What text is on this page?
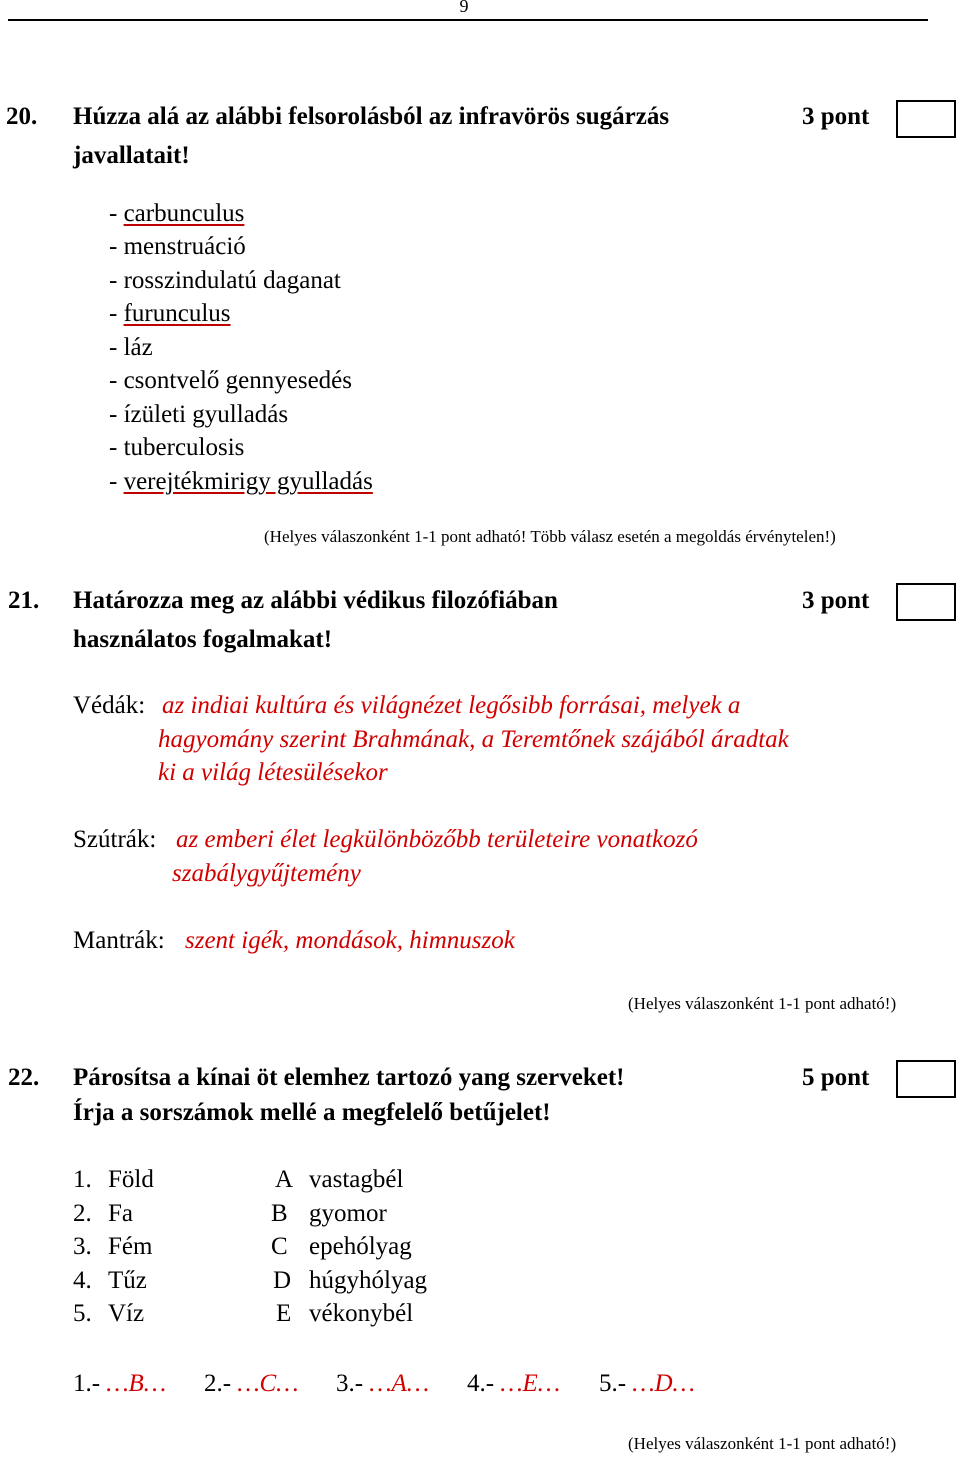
9
20. Húzza alá az alábbi felsorolásból az infravörös sugárzás
javallatait!
3 pont
- carbunculus
- menstruáció
- rosszindulatú daganat
- furunculus
- láz
- csontvelő gennyesedés
- ízületi gyulladás
- tuberculosis
- verejtékmirigy gyulladás
(Helyes válaszonként 1-1 pont adható! Több válasz esetén a megoldás érvénytelen!)
21. Határozza meg az alábbi védikus filozófiában
használatos fogalmakat!
3 pont
Védák: az indiai kultúra és világnézet legősibb forrásai, melyek a
hagyomány szerint Brahmának, a Teremtőnek szájából áradtak
ki a világ létesülésekor
Szútrák: az emberi élet legkülönbözőbb területeire vonatkozó
szabálygyűjtemény
Mantrák: szent igék, mondások, himnuszok
(Helyes válaszonként 1-1 pont adható!)
22. Párosítsa a kínai öt elemhez tartozó yang szerveket!
Írja a sorszámok mellé a megfelelő betűjelet!
5 pont
1. Föld
2. Fa
3. Fém
4. Tűz
5. Víz
A vastagbél
B gyomor
C epehólyag
D húgyhólyag
E vékonybél
1.- …B… 2.- …C… 3.- …A… 4.- …E… 5.- …D…
(Helyes válaszonként 1-1 pont adható!)
